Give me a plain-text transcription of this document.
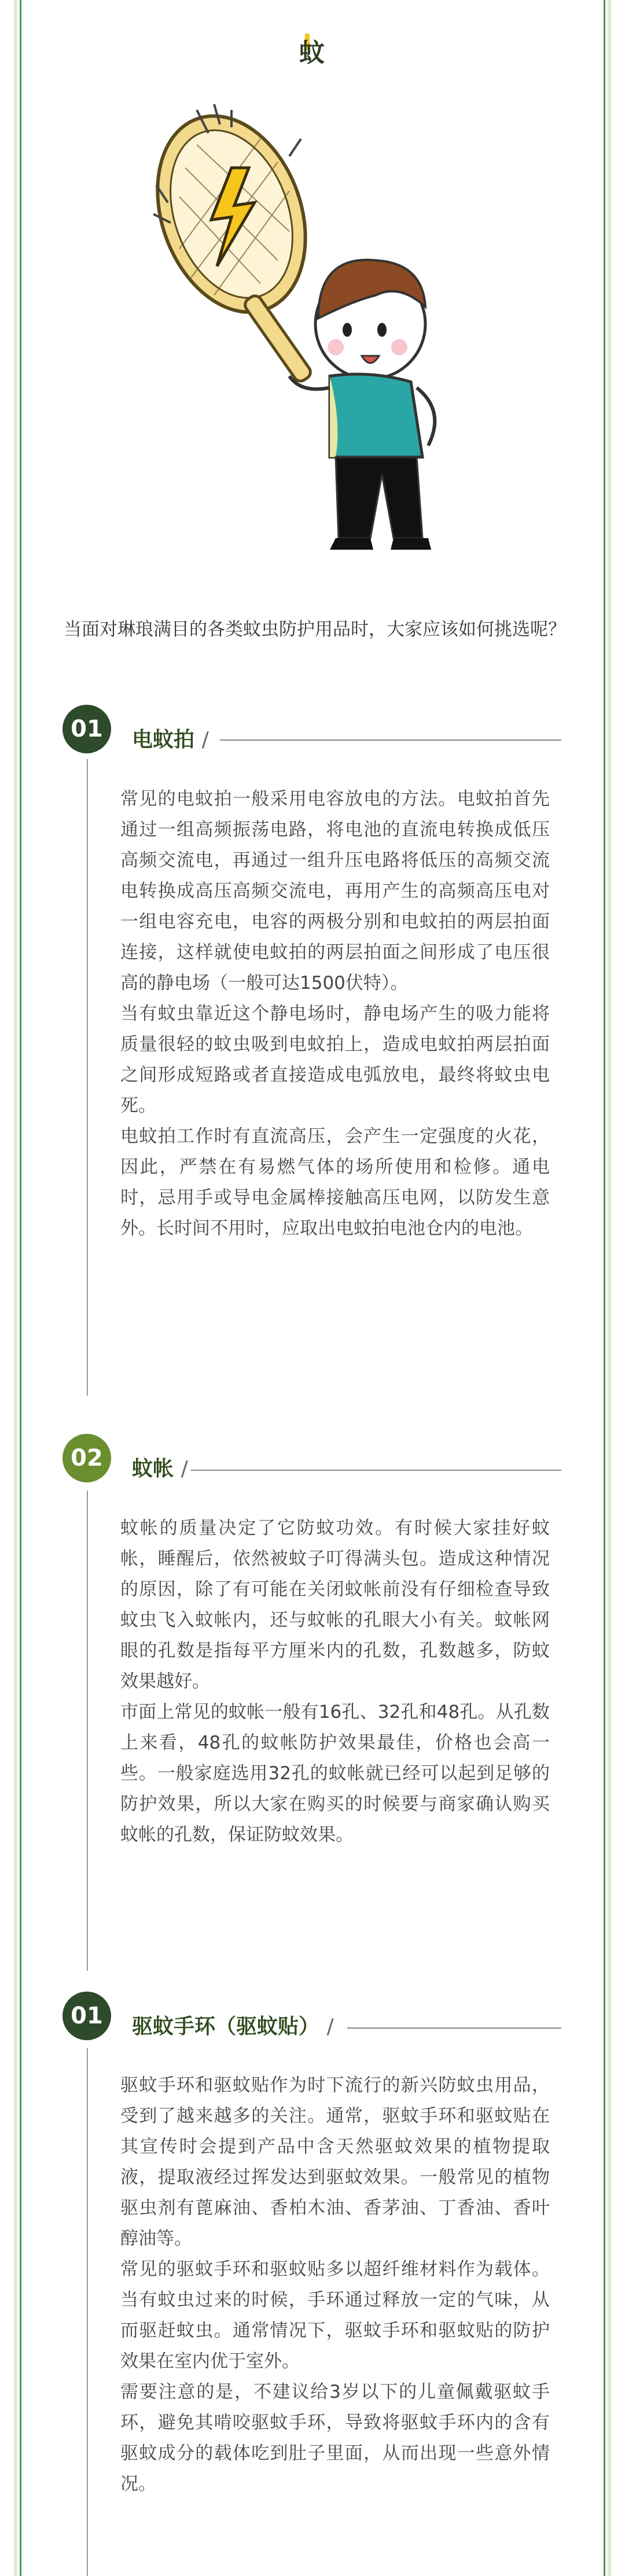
蚊
当面对琳琅满目的各类蚊虫防护用品时，大家应该如何挑选呢？
01	电蚊拍 /

常见的电蚊拍一般采用电容放电的方法。电蚊拍首先通过一组高频振荡电路，将电池的直流电转换成低压高频交流电，再通过一组升压电路将低压的高频交流电转换成高压高频交流电，再用产生的高频高压电对一组电容充电，电容的两极分别和电蚊拍的两层拍面连接，这样就使电蚊拍的两层拍面之间形成了电压很高的静电场（一般可达1500伏特）。

当有蚊虫靠近这个静电场时，静电场产生的吸力能将质量很轻的蚊虫吸到电蚊拍上，造成电蚊拍两层拍面之间形成短路或者直接造成电弧放电，最终将蚊虫电死。

电蚊拍工作时有直流高压，会产生一定强度的火花，因此，严禁在有易燃气体的场所使用和检修。通电时，忌用手或导电金属棒接触高压电网，以防发生意外。长时间不用时，应取出电蚊拍电池仓内的电池。

02	蚊帐 /

蚊帐的质量决定了它防蚊功效。有时候大家挂好蚊帐，睡醒后，依然被蚊子叮得满头包。造成这种情况的原因，除了有可能在关闭蚊帐前没有仔细检查导致蚊虫飞入蚊帐内，还与蚊帐的孔眼大小有关。蚊帐网眼的孔数是指每平方厘米内的孔数，孔数越多，防蚊效果越好。

市面上常见的蚊帐一般有16孔、32孔和48孔。从孔数上来看，48孔的蚊帐防护效果最佳，价格也会高一些。一般家庭选用32孔的蚊帐就已经可以起到足够的防护效果，所以大家在购买的时候要与商家确认购买蚊帐的孔数，保证防蚊效果。

01	驱蚊手环（驱蚊贴） /

驱蚊手环和驱蚊贴作为时下流行的新兴防蚊虫用品，受到了越来越多的关注。通常，驱蚊手环和驱蚊贴在其宣传时会提到产品中含天然驱蚊效果的植物提取液，提取液经过挥发达到驱蚊效果。一般常见的植物驱虫剂有蓖麻油、香柏木油、香茅油、丁香油、香叶醇油等。

常见的驱蚊手环和驱蚊贴多以超纤维材料作为载体。当有蚊虫过来的时候，手环通过释放一定的气味，从而驱赶蚊虫。通常情况下，驱蚊手环和驱蚊贴的防护效果在室内优于室外。

需要注意的是，不建议给3岁以下的儿童佩戴驱蚊手环，避免其啃咬驱蚊手环，导致将驱蚊手环内的含有驱蚊成分的载体吃到肚子里面，从而出现一些意外情况。
